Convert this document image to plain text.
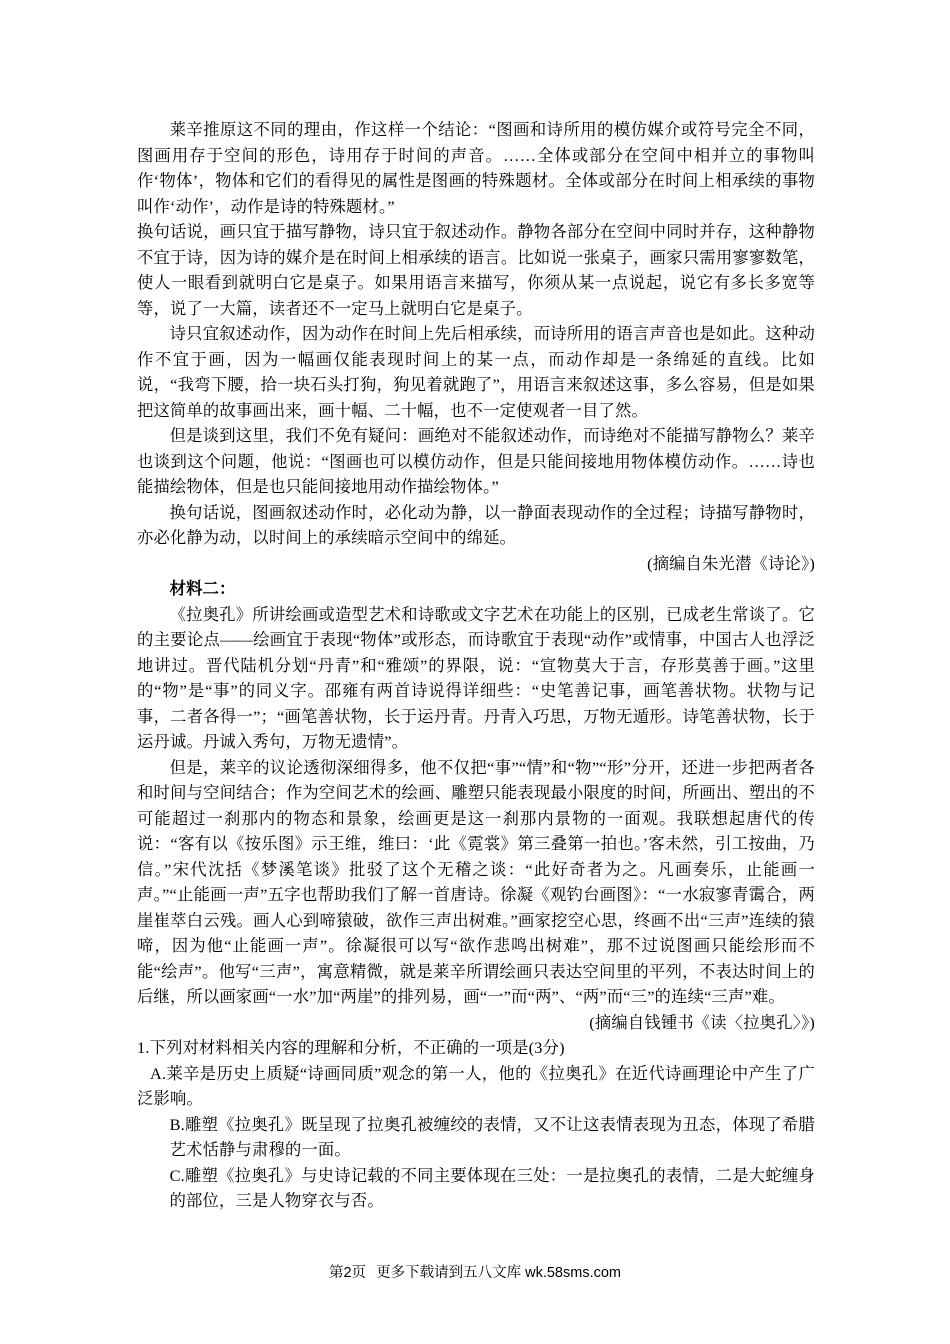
莱辛推原这不同的理由，作这样一个结论：“图画和诗所用的模仿媒介或符号完全不同，图画用存于空间的形色，诗用存于时间的声音。……全体或部分在空间中相并立的事物叫作‘物体’，物体和它们的看得见的属性是图画的特殊题材。全体或部分在时间上相承续的事物叫作‘动作’，动作是诗的特殊题材。”

换句话说，画只宜于描写静物，诗只宜于叙述动作。静物各部分在空间中同时并存，这种静物不宜于诗，因为诗的媒介是在时间上相承续的语言。比如说一张桌子，画家只需用寥寥数笔，使人一眼看到就明白它是桌子。如果用语言来描写，你须从某一点说起，说它有多长多宽等等，说了一大篇，读者还不一定马上就明白它是桌子。

诗只宜叙述动作，因为动作在时间上先后相承续，而诗所用的语言声音也是如此。这种动作不宜于画，因为一幅画仅能表现时间上的某一点，而动作却是一条绵延的直线。比如说，“我弯下腰，拾一块石头打狗，狗见着就跑了”，用语言来叙述这事，多么容易，但是如果把这简单的故事画出来，画十幅、二十幅，也不一定使观者一目了然。

但是谈到这里，我们不免有疑问：画绝对不能叙述动作，而诗绝对不能描写静物么？莱辛也谈到这个问题，他说：“图画也可以模仿动作，但是只能间接地用物体模仿动作。……诗也能描绘物体，但是也只能间接地用动作描绘物体。”

换句话说，图画叙述动作时，必化动为静，以一静面表现动作的全过程；诗描写静物时，亦必化静为动，以时间上的承续暗示空间中的绵延。

(摘编自朱光潜《诗论》)

材料二：

《拉奥孔》所讲绘画或造型艺术和诗歌或文字艺术在功能上的区别，已成老生常谈了。它的主要论点——绘画宜于表现“物体”或形态，而诗歌宜于表现“动作”或情事，中国古人也浮泛地讲过。晋代陆机分划“丹青”和“雅颂”的界限，说：“宣物莫大于言，存形莫善于画。”这里的“物”是“事”的同义字。邵雍有两首诗说得详细些：“史笔善记事，画笔善状物。状物与记事，二者各得一”；“画笔善状物，长于运丹青。丹青入巧思，万物无遁形。诗笔善状物，长于运丹诚。丹诚入秀句，万物无遗情”。

但是，莱辛的议论透彻深细得多，他不仅把“事”“情”和“物”“形”分开，还进一步把两者各和时间与空间结合；作为空间艺术的绘画、雕塑只能表现最小限度的时间，所画出、塑出的不可能超过一刹那内的物态和景象，绘画更是这一刹那内景物的一面观。我联想起唐代的传说：“客有以《按乐图》示王维，维曰：‘此《霓裳》第三叠第一拍也。’客未然，引工按曲，乃信。”宋代沈括《梦溪笔谈》批驳了这个无稽之谈：“此好奇者为之。凡画奏乐，止能画一声。”“止能画一声”五字也帮助我们了解一首唐诗。徐凝《观钓台画图》：“一水寂寥青霭合，两崖崔萃白云残。画人心到啼猿破，欲作三声出树难。”画家挖空心思，终画不出“三声”连续的猿啼，因为他“止能画一声”。徐凝很可以写“欲作悲鸣出树难”，那不过说图画只能绘形而不能“绘声”。他写“三声”，寓意精微，就是莱辛所谓绘画只表达空间里的平列，不表达时间上的后继，所以画家画“一水”加“两崖”的排列易，画“一”而“两”、“两”而“三”的连续“三声”难。

(摘编自钱锺书《读〈拉奥孔〉》)

1.下列对材料相关内容的理解和分析，不正确的一项是(3分)

A.莱辛是历史上质疑“诗画同质”观念的第一人，他的《拉奥孔》在近代诗画理论中产生了广泛影响。

B.雕塑《拉奥孔》既呈现了拉奥孔被缠绞的表情，又不让这表情表现为丑态，体现了希腊艺术恬静与肃穆的一面。

C.雕塑《拉奥孔》与史诗记载的不同主要体现在三处：一是拉奥孔的表情，二是大蛇缠身的部位，三是人物穿衣与否。

第2页 更多下载请到五八文库 wk.58sms.com
